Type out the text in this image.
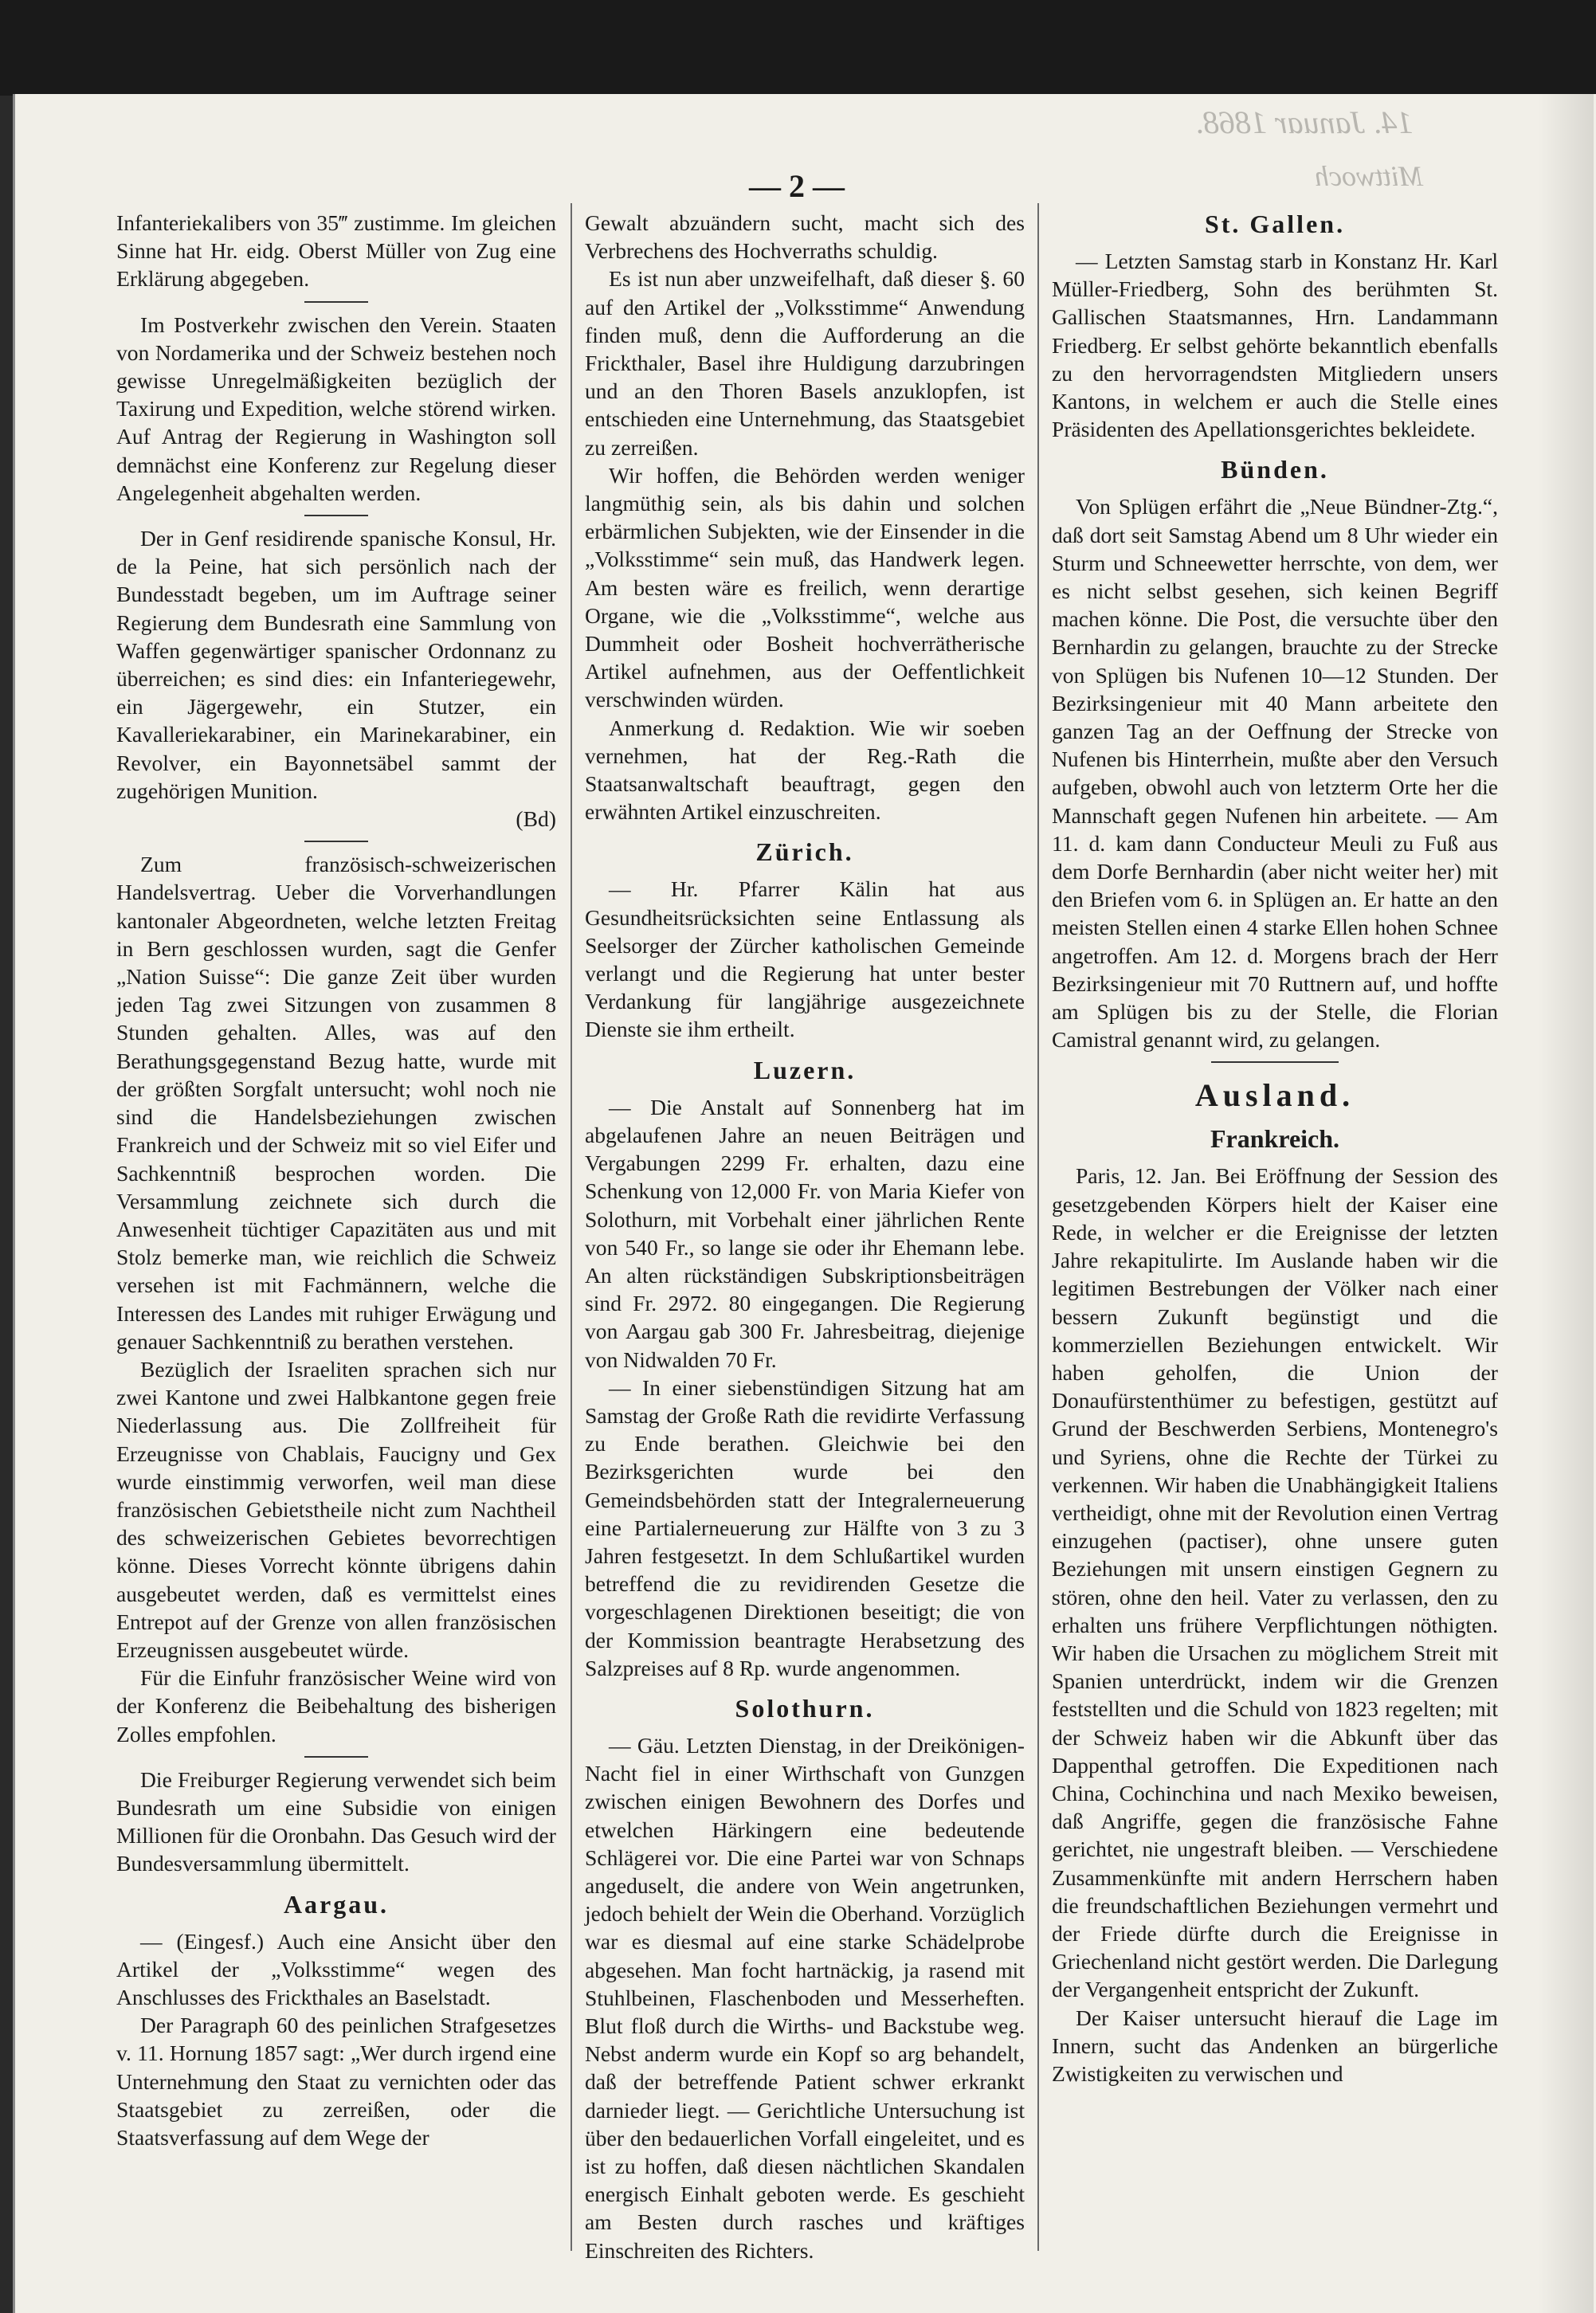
14. Januar 1868.
Mittwoch
— 2 —

Infanteriekalibers von 35‴ zustimme. Im gleichen Sinne hat Hr. eidg. Oberst Müller von Zug eine Erklärung abgegeben.

Im Postverkehr zwischen den Verein. Staaten von Nordamerika und der Schweiz bestehen noch gewisse Unregelmäßigkeiten bezüglich der Taxirung und Expedition, welche störend wirken. Auf Antrag der Regierung in Washington soll demnächst eine Konferenz zur Regelung dieser Angelegenheit abgehalten werden.

Der in Genf residirende spanische Konsul, Hr. de la Peine, hat sich persönlich nach der Bundesstadt begeben, um im Auftrage seiner Regierung dem Bundesrath eine Sammlung von Waffen gegenwärtiger spanischer Ordonnanz zu überreichen; es sind dies: ein Infanteriegewehr, ein Jägergewehr, ein Stutzer, ein Kavalleriekarabiner, ein Marinekarabiner, ein Revolver, ein Bayonnetsäbel sammt der zugehörigen Munition.

(Bd)

Zum französisch-schweizerischen Handelsvertrag. Ueber die Vorverhandlungen kantonaler Abgeordneten, welche letzten Freitag in Bern geschlossen wurden, sagt die Genfer „Nation Suisse“: Die ganze Zeit über wurden jeden Tag zwei Sitzungen von zusammen 8 Stunden gehalten. Alles, was auf den Berathungsgegenstand Bezug hatte, wurde mit der größten Sorgfalt untersucht; wohl noch nie sind die Handelsbeziehungen zwischen Frankreich und der Schweiz mit so viel Eifer und Sachkenntniß besprochen worden. Die Versammlung zeichnete sich durch die Anwesenheit tüchtiger Capazitäten aus und mit Stolz bemerke man, wie reichlich die Schweiz versehen ist mit Fachmännern, welche die Interessen des Landes mit ruhiger Erwägung und genauer Sachkenntniß zu berathen verstehen.

Bezüglich der Israeliten sprachen sich nur zwei Kantone und zwei Halbkantone gegen freie Niederlassung aus. Die Zollfreiheit für Erzeugnisse von Chablais, Faucigny und Gex wurde einstimmig verworfen, weil man diese französischen Gebietstheile nicht zum Nachtheil des schweizerischen Gebietes bevorrechtigen könne. Dieses Vorrecht könnte übrigens dahin ausgebeutet werden, daß es vermittelst eines Entrepot auf der Grenze von allen französischen Erzeugnissen ausgebeutet würde.

Für die Einfuhr französischer Weine wird von der Konferenz die Beibehaltung des bisherigen Zolles empfohlen.

Die Freiburger Regierung verwendet sich beim Bundesrath um eine Subsidie von einigen Millionen für die Oronbahn. Das Gesuch wird der Bundesversammlung übermittelt.

Aargau.

— (Eingesf.) Auch eine Ansicht über den Artikel der „Volksstimme“ wegen des Anschlusses des Frickthales an Baselstadt.

Der Paragraph 60 des peinlichen Strafgesetzes v. 11. Hornung 1857 sagt: „Wer durch irgend eine Unternehmung den Staat zu vernichten oder das Staatsgebiet zu zerreißen, oder die Staatsverfassung auf dem Wege der

Gewalt abzuändern sucht, macht sich des Verbrechens des Hochverraths schuldig.

Es ist nun aber unzweifelhaft, daß dieser §. 60 auf den Artikel der „Volksstimme“ Anwendung finden muß, denn die Aufforderung an die Frickthaler, Basel ihre Huldigung darzubringen und an den Thoren Basels anzuklopfen, ist entschieden eine Unternehmung, das Staatsgebiet zu zerreißen.

Wir hoffen, die Behörden werden weniger langmüthig sein, als bis dahin und solchen erbärmlichen Subjekten, wie der Einsender in die „Volksstimme“ sein muß, das Handwerk legen. Am besten wäre es freilich, wenn derartige Organe, wie die „Volksstimme“, welche aus Dummheit oder Bosheit hochverrätherische Artikel aufnehmen, aus der Oeffentlichkeit verschwinden würden.

Anmerkung d. Redaktion. Wie wir soeben vernehmen, hat der Reg.-Rath die Staatsanwaltschaft beauftragt, gegen den erwähnten Artikel einzuschreiten.

Zürich.

— Hr. Pfarrer Kälin hat aus Gesundheitsrücksichten seine Entlassung als Seelsorger der Zürcher katholischen Gemeinde verlangt und die Regierung hat unter bester Verdankung für langjährige ausgezeichnete Dienste sie ihm ertheilt.

Luzern.

— Die Anstalt auf Sonnenberg hat im abgelaufenen Jahre an neuen Beiträgen und Vergabungen 2299 Fr. erhalten, dazu eine Schenkung von 12,000 Fr. von Maria Kiefer von Solothurn, mit Vorbehalt einer jährlichen Rente von 540 Fr., so lange sie oder ihr Ehemann lebe. An alten rückständigen Subskriptionsbeiträgen sind Fr. 2972. 80 eingegangen. Die Regierung von Aargau gab 300 Fr. Jahresbeitrag, diejenige von Nidwalden 70 Fr.

— In einer siebenstündigen Sitzung hat am Samstag der Große Rath die revidirte Verfassung zu Ende berathen. Gleichwie bei den Bezirksgerichten wurde bei den Gemeindsbehörden statt der Integralerneuerung eine Partialerneuerung zur Hälfte von 3 zu 3 Jahren festgesetzt. In dem Schlußartikel wurden betreffend die zu revidirenden Gesetze die vorgeschlagenen Direktionen beseitigt; die von der Kommission beantragte Herabsetzung des Salzpreises auf 8 Rp. wurde angenommen.

Solothurn.

— Gäu. Letzten Dienstag, in der Dreikönigen-Nacht fiel in einer Wirthschaft von Gunzgen zwischen einigen Bewohnern des Dorfes und etwelchen Härkingern eine bedeutende Schlägerei vor. Die eine Partei war von Schnaps angeduselt, die andere von Wein angetrunken, jedoch behielt der Wein die Oberhand. Vorzüglich war es diesmal auf eine starke Schädelprobe abgesehen. Man focht hartnäckig, ja rasend mit Stuhlbeinen, Flaschenboden und Messerheften. Blut floß durch die Wirths- und Backstube weg. Nebst anderm wurde ein Kopf so arg behandelt, daß der betreffende Patient schwer erkrankt darnieder liegt. — Gerichtliche Untersuchung ist über den bedauerlichen Vorfall eingeleitet, und es ist zu hoffen, daß diesen nächtlichen Skandalen energisch Einhalt geboten werde. Es geschieht am Besten durch rasches und kräftiges Einschreiten des Richters.

St. Gallen.

— Letzten Samstag starb in Konstanz Hr. Karl Müller-Friedberg, Sohn des berühmten St. Gallischen Staatsmannes, Hrn. Landammann Friedberg. Er selbst gehörte bekanntlich ebenfalls zu den hervorragendsten Mitgliedern unsers Kantons, in welchem er auch die Stelle eines Präsidenten des Apellationsgerichtes bekleidete.

Bünden.

Von Splügen erfährt die „Neue Bündner-Ztg.“, daß dort seit Samstag Abend um 8 Uhr wieder ein Sturm und Schneewetter herrschte, von dem, wer es nicht selbst gesehen, sich keinen Begriff machen könne. Die Post, die versuchte über den Bernhardin zu gelangen, brauchte zu der Strecke von Splügen bis Nufenen 10—12 Stunden. Der Bezirksingenieur mit 40 Mann arbeitete den ganzen Tag an der Oeffnung der Strecke von Nufenen bis Hinterrhein, mußte aber den Versuch aufgeben, obwohl auch von letzterm Orte her die Mannschaft gegen Nufenen hin arbeitete. — Am 11. d. kam dann Conducteur Meuli zu Fuß aus dem Dorfe Bernhardin (aber nicht weiter her) mit den Briefen vom 6. in Splügen an. Er hatte an den meisten Stellen einen 4 starke Ellen hohen Schnee angetroffen. Am 12. d. Morgens brach der Herr Bezirksingenieur mit 70 Ruttnern auf, und hoffte am Splügen bis zu der Stelle, die Florian Camistral genannt wird, zu gelangen.

Ausland.
Frankreich.

Paris, 12. Jan. Bei Eröffnung der Session des gesetzgebenden Körpers hielt der Kaiser eine Rede, in welcher er die Ereignisse der letzten Jahre rekapitulirte. Im Auslande haben wir die legitimen Bestrebungen der Völker nach einer bessern Zukunft begünstigt und die kommerziellen Beziehungen entwickelt. Wir haben geholfen, die Union der Donaufürstenthümer zu befestigen, gestützt auf Grund der Beschwerden Serbiens, Montenegro's und Syriens, ohne die Rechte der Türkei zu verkennen. Wir haben die Unabhängigkeit Italiens vertheidigt, ohne mit der Revolution einen Vertrag einzugehen (pactiser), ohne unsere guten Beziehungen mit unsern einstigen Gegnern zu stören, ohne den heil. Vater zu verlassen, den zu erhalten uns frühere Verpflichtungen nöthigten. Wir haben die Ursachen zu möglichem Streit mit Spanien unterdrückt, indem wir die Grenzen feststellten und die Schuld von 1823 regelten; mit der Schweiz haben wir die Abkunft über das Dappenthal getroffen. Die Expeditionen nach China, Cochinchina und nach Mexiko beweisen, daß Angriffe, gegen die französische Fahne gerichtet, nie ungestraft bleiben. — Verschiedene Zusammenkünfte mit andern Herrschern haben die freundschaftlichen Beziehungen vermehrt und der Friede dürfte durch die Ereignisse in Griechenland nicht gestört werden. Die Darlegung der Vergangenheit entspricht der Zukunft.

Der Kaiser untersucht hierauf die Lage im Innern, sucht das Andenken an bürgerliche Zwistigkeiten zu verwischen und
